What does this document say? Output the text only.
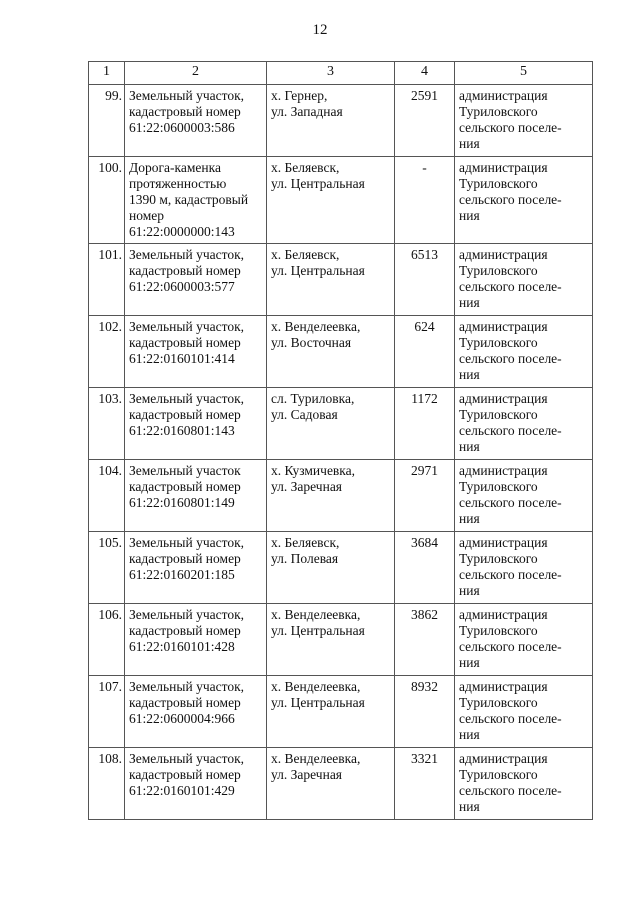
12
1	2	3	4	5
99.	Земельный участок,
кадастровый номер
61:22:0600003:586	х. Гернер,
ул. Западная	2591	администрация
Туриловского
сельского поселе-
ния
100.	Дорога-каменка
протяженностью
1390 м, кадастровый
номер
61:22:0000000:143	х. Беляевск,
ул. Центральная	-	администрация
Туриловского
сельского поселе-
ния
101.	Земельный участок,
кадастровый номер
61:22:0600003:577	х. Беляевск,
ул. Центральная	6513	администрация
Туриловского
сельского поселе-
ния
102.	Земельный участок,
кадастровый номер
61:22:0160101:414	х. Венделеевка,
ул. Восточная	624	администрация
Туриловского
сельского поселе-
ния
103.	Земельный участок,
кадастровый номер
61:22:0160801:143	сл. Туриловка,
ул. Садовая	1172	администрация
Туриловского
сельского поселе-
ния
104.	Земельный участок
кадастровый номер
61:22:0160801:149	х. Кузмичевка,
ул. Заречная	2971	администрация
Туриловского
сельского поселе-
ния
105.	Земельный участок,
кадастровый номер
61:22:0160201:185	х. Беляевск,
ул. Полевая	3684	администрация
Туриловского
сельского поселе-
ния
106.	Земельный участок,
кадастровый номер
61:22:0160101:428	х. Венделеевка,
ул. Центральная	3862	администрация
Туриловского
сельского поселе-
ния
107.	Земельный участок,
кадастровый номер
61:22:0600004:966	х. Венделеевка,
ул. Центральная	8932	администрация
Туриловского
сельского поселе-
ния
108.	Земельный участок,
кадастровый номер
61:22:0160101:429	х. Венделеевка,
ул. Заречная	3321	администрация
Туриловского
сельского поселе-
ния
